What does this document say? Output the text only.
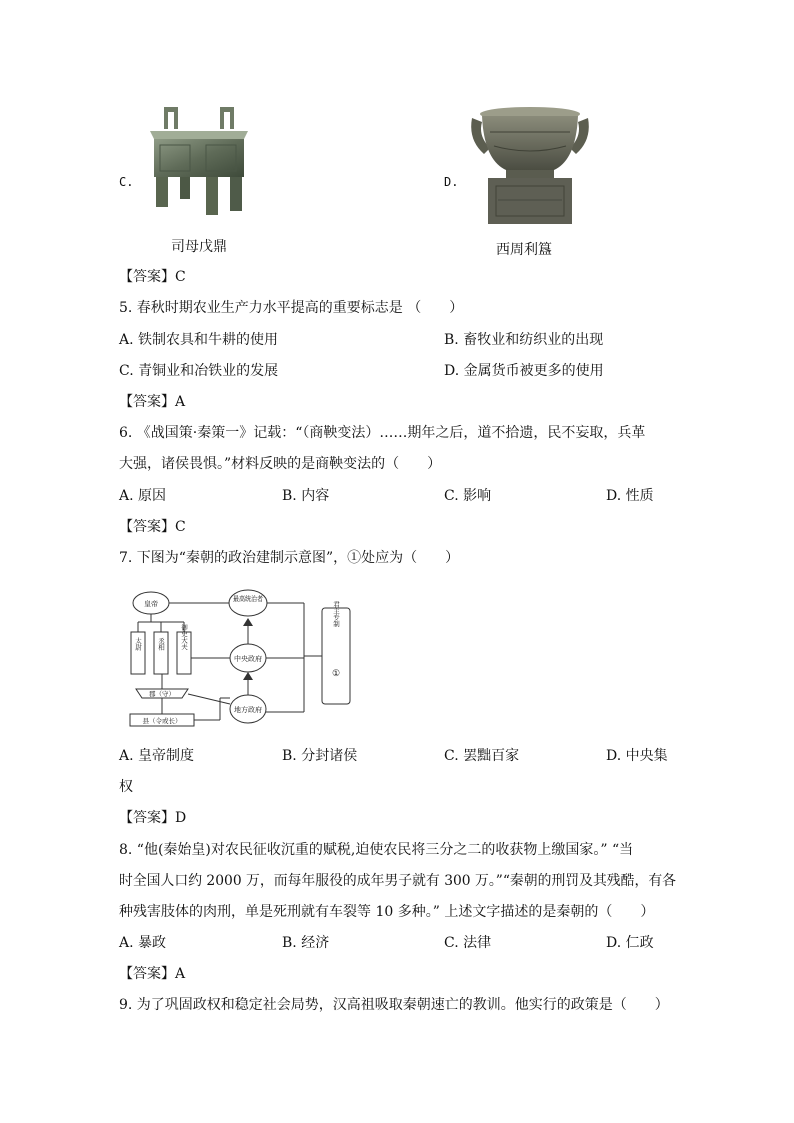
C.
司母戊鼎
D.
西周利簋
【答案】C
5. 春秋时期农业生产力水平提高的重要标志是 （　　）
A. 铁制农具和牛耕的使用	B. 畜牧业和纺织业的出现
C. 青铜业和冶铁业的发展	D. 金属货币被更多的使用
【答案】A
6. 《战国策·秦策一》记载：“（商鞅变法）……期年之后，道不拾遗，民不妄取，兵革
大强，诸侯畏惧。”材料反映的是商鞅变法的（　　）
A. 原因	B. 内容	C. 影响	D. 性质
【答案】C
7. 下图为“秦朝的政治建制示意图”，①处应为（　　）
皇帝
最高统治者
中央政府
地方政府
郡（守）
县（令或长）
太尉 丞相 御史大夫
君主专制
①
A. 皇帝制度	B. 分封诸侯	C. 罢黜百家	D. 中央集
权
【答案】D
8. “他(秦始皇)对农民征收沉重的赋税,迫使农民将三分之二的收获物上缴国家。” “当
时全国人口约 2000 万，而每年服役的成年男子就有 300 万。”“秦朝的刑罚及其残酷，有各
种残害肢体的肉刑，单是死刑就有车裂等 10 多种。” 上述文字描述的是秦朝的（　　）
A. 暴政	B. 经济	C. 法律	D. 仁政
【答案】A
9. 为了巩固政权和稳定社会局势，汉高祖吸取秦朝速亡的教训。他实行的政策是（　　）
